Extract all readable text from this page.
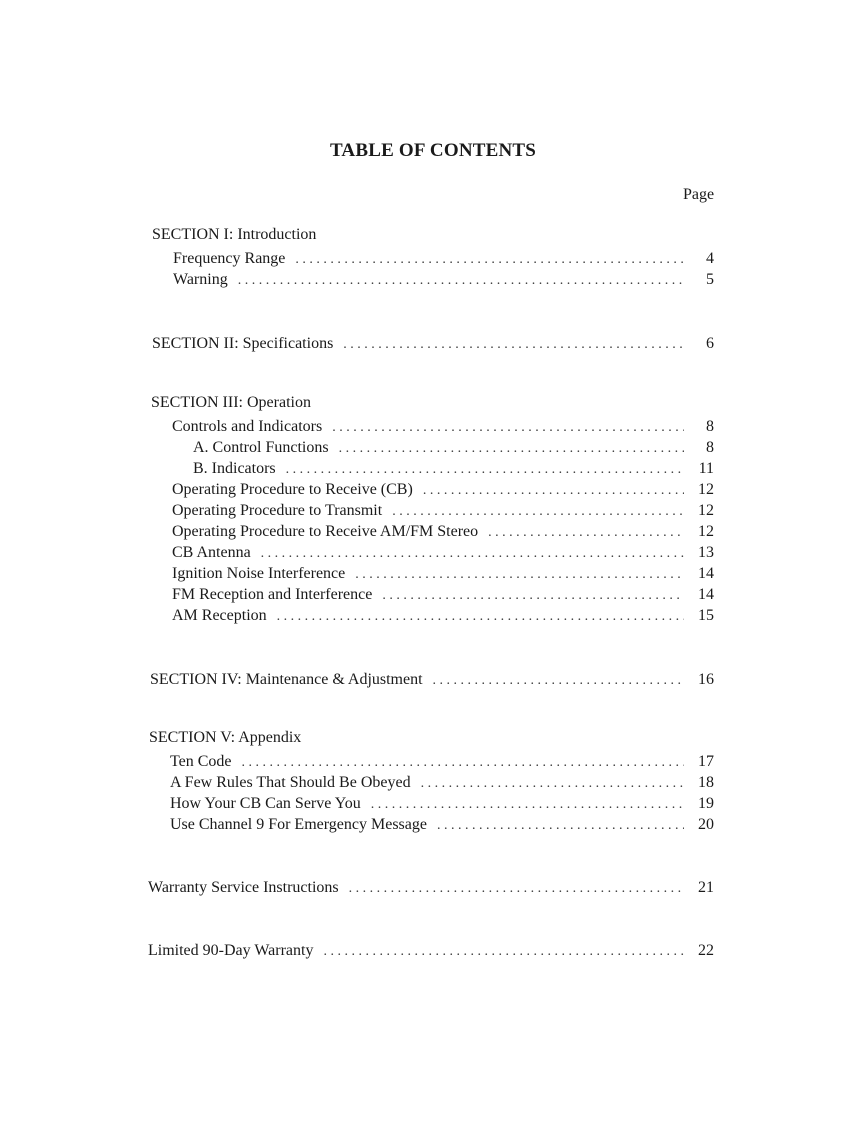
TABLE OF CONTENTS
Page
SECTION I: Introduction
Frequency Range . . .	4
Warning . . .	5
SECTION II: Specifications . . .	6
SECTION III: Operation
Controls and Indicators . . .	8
A. Control Functions . . .	8
B. Indicators . . .	11
Operating Procedure to Receive (CB) . . .	12
Operating Procedure to Transmit . . .	12
Operating Procedure to Receive AM/FM Stereo . . .	12
CB Antenna . . .	13
Ignition Noise Interference . . .	14
FM Reception and Interference . . .	14
AM Reception . . .	15
SECTION IV: Maintenance & Adjustment . . .	16
SECTION V: Appendix
Ten Code . . .	17
A Few Rules That Should Be Obeyed . . .	18
How Your CB Can Serve You . . .	19
Use Channel 9 For Emergency Message . . .	20
Warranty Service Instructions . . .	21
Limited 90-Day Warranty . . .	22
